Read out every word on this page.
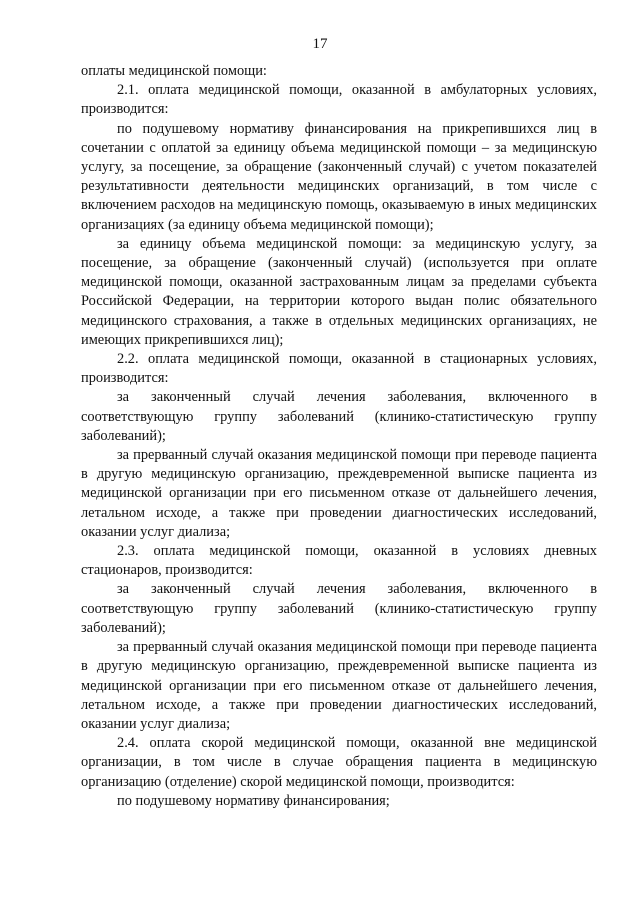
17

оплаты медицинской помощи:

2.1. оплата медицинской помощи, оказанной в амбулаторных условиях, производится:

по подушевому нормативу финансирования на прикрепившихся лиц в сочетании с оплатой за единицу объема медицинской помощи – за медицинскую услугу, за посещение, за обращение (законченный случай) с учетом показателей результативности деятельности медицинских организаций, в том числе с включением расходов на медицинскую помощь, оказываемую в иных медицинских организациях (за единицу объема медицинской помощи);

за единицу объема медицинской помощи: за медицинскую услугу, за посещение, за обращение (законченный случай) (используется при оплате медицинской помощи, оказанной застрахованным лицам за пределами субъекта Российской Федерации, на территории которого выдан полис обязательного медицинского страхования, а также в отдельных медицинских организациях, не имеющих прикрепившихся лиц);

2.2. оплата медицинской помощи, оказанной в стационарных условиях, производится:

за законченный случай лечения заболевания, включенного в соответствующую группу заболеваний (клинико-статистическую группу заболеваний);

за прерванный случай оказания медицинской помощи при переводе пациента в другую медицинскую организацию, преждевременной выписке пациента из медицинской организации при его письменном отказе от дальнейшего лечения, летальном исходе, а также при проведении диагностических исследований, оказании услуг диализа;

2.3. оплата медицинской помощи, оказанной в условиях дневных стационаров, производится:

за законченный случай лечения заболевания, включенного в соответствующую группу заболеваний (клинико-статистическую группу заболеваний);

за прерванный случай оказания медицинской помощи при переводе пациента в другую медицинскую организацию, преждевременной выписке пациента из медицинской организации при его письменном отказе от дальнейшего лечения, летальном исходе, а также при проведении диагностических исследований, оказании услуг диализа;

2.4. оплата скорой медицинской помощи, оказанной вне медицинской организации, в том числе в случае обращения пациента в медицинскую организацию (отделение) скорой медицинской помощи, производится:

по подушевому нормативу финансирования;
